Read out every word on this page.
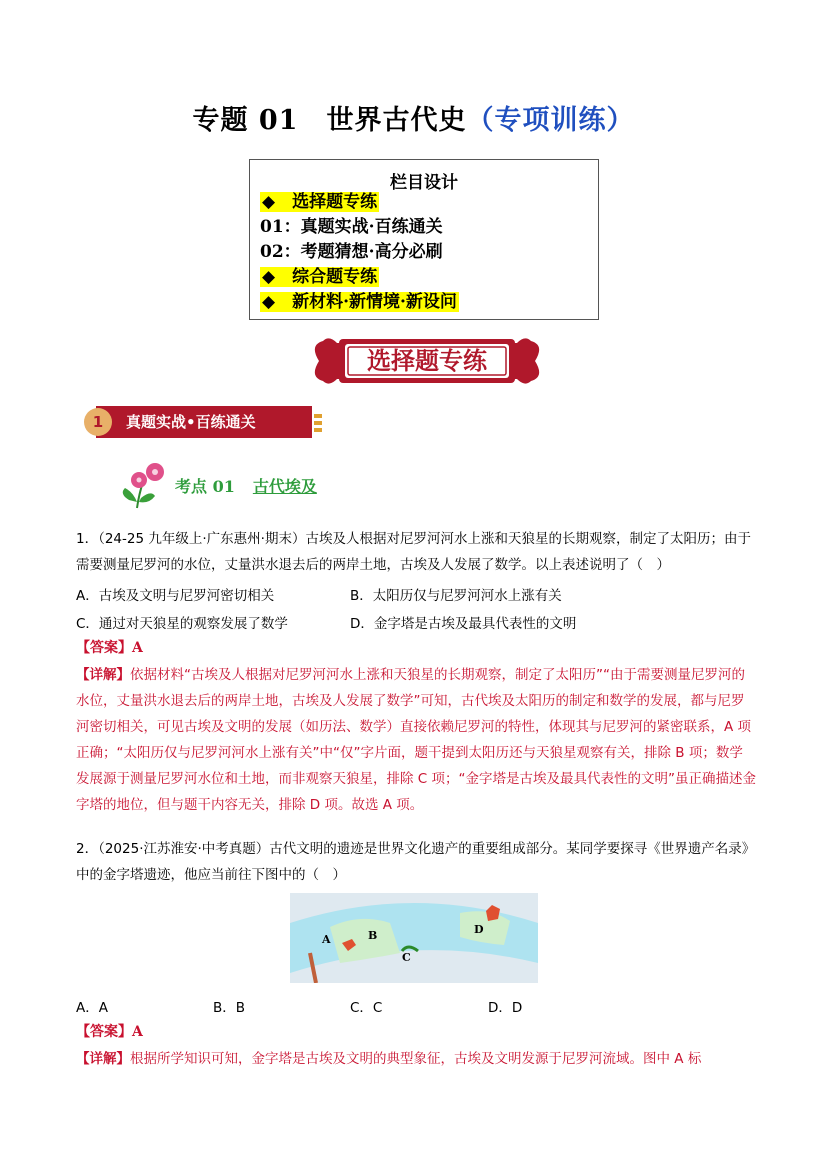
专题 01　世界古代史（专项训练）
栏目设计
◆　选择题专练
01：真题实战·百练通关
02：考题猜想·高分必刷
◆　综合题专练
◆　新材料·新情境·新设问
选择题专练
1	真题实战•百练通关
考点 01 古代埃及
1．（24-25 九年级上·广东惠州·期末）古埃及人根据对尼罗河河水上涨和天狼星的长期观察，制定了太阳历；由于需要测量尼罗河的水位，丈量洪水退去后的两岸土地，古埃及人发展了数学。以上表述说明了（　）
A．古埃及文明与尼罗河密切相关	B．太阳历仅与尼罗河河水上涨有关
C．通过对天狼星的观察发展了数学	D．金字塔是古埃及最具代表性的文明
【答案】A
【详解】依据材料“古埃及人根据对尼罗河河水上涨和天狼星的长期观察，制定了太阳历”“由于需要测量尼罗河的水位，丈量洪水退去后的两岸土地，古埃及人发展了数学”可知，古代埃及太阳历的制定和数学的发展，都与尼罗河密切相关，可见古埃及文明的发展（如历法、数学）直接依赖尼罗河的特性，体现其与尼罗河的紧密联系，A 项正确；“太阳历仅与尼罗河河水上涨有关”中“仅”字片面，题干提到太阳历还与天狼星观察有关，排除 B 项；数学发展源于测量尼罗河水位和土地，而非观察天狼星，排除 C 项；“金字塔是古埃及最具代表性的文明”虽正确描述金字塔的地位，但与题干内容无关，排除 D 项。故选 A 项。
2．（2025·江苏淮安·中考真题）古代文明的遗迹是世界文化遗产的重要组成部分。某同学要探寻《世界遗产名录》中的金字塔遗迹，他应当前往下图中的（　）
A	B
C
D
A．A	B．B	C．C	D．D
【答案】A
【详解】根据所学知识可知，金字塔是古埃及文明的典型象征，古埃及文明发源于尼罗河流域。图中 A 标
